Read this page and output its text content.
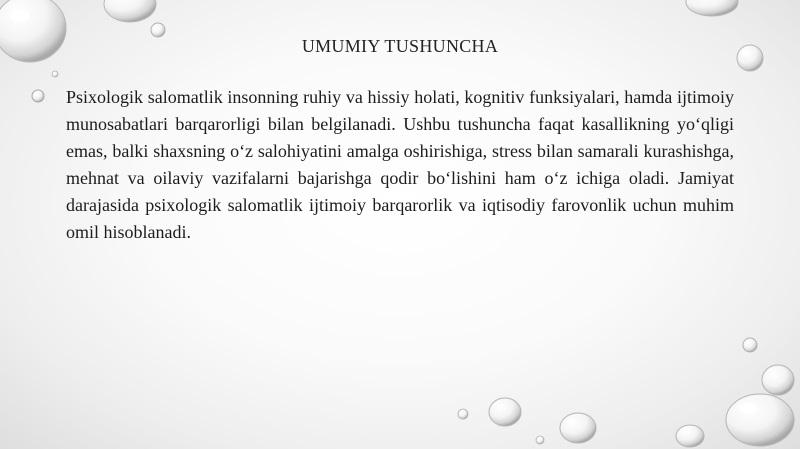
UMUMIY TUSHUNCHA

Psixologik salomatlik insonning ruhiy va hissiy holati, kognitiv funksiyalari, hamda ijtimoiy munosabatlari barqarorligi bilan belgilanadi. Ushbu tushuncha faqat kasallikning yo‘qligi emas, balki shaxsning o‘z salohiyatini amalga oshirishiga, stress bilan samarali kurashishga, mehnat va oilaviy vazifalarni bajarishga qodir bo‘lishini ham o‘z ichiga oladi. Jamiyat darajasida psixologik salomatlik ijtimoiy barqarorlik va iqtisodiy farovonlik uchun muhim omil hisoblanadi.
